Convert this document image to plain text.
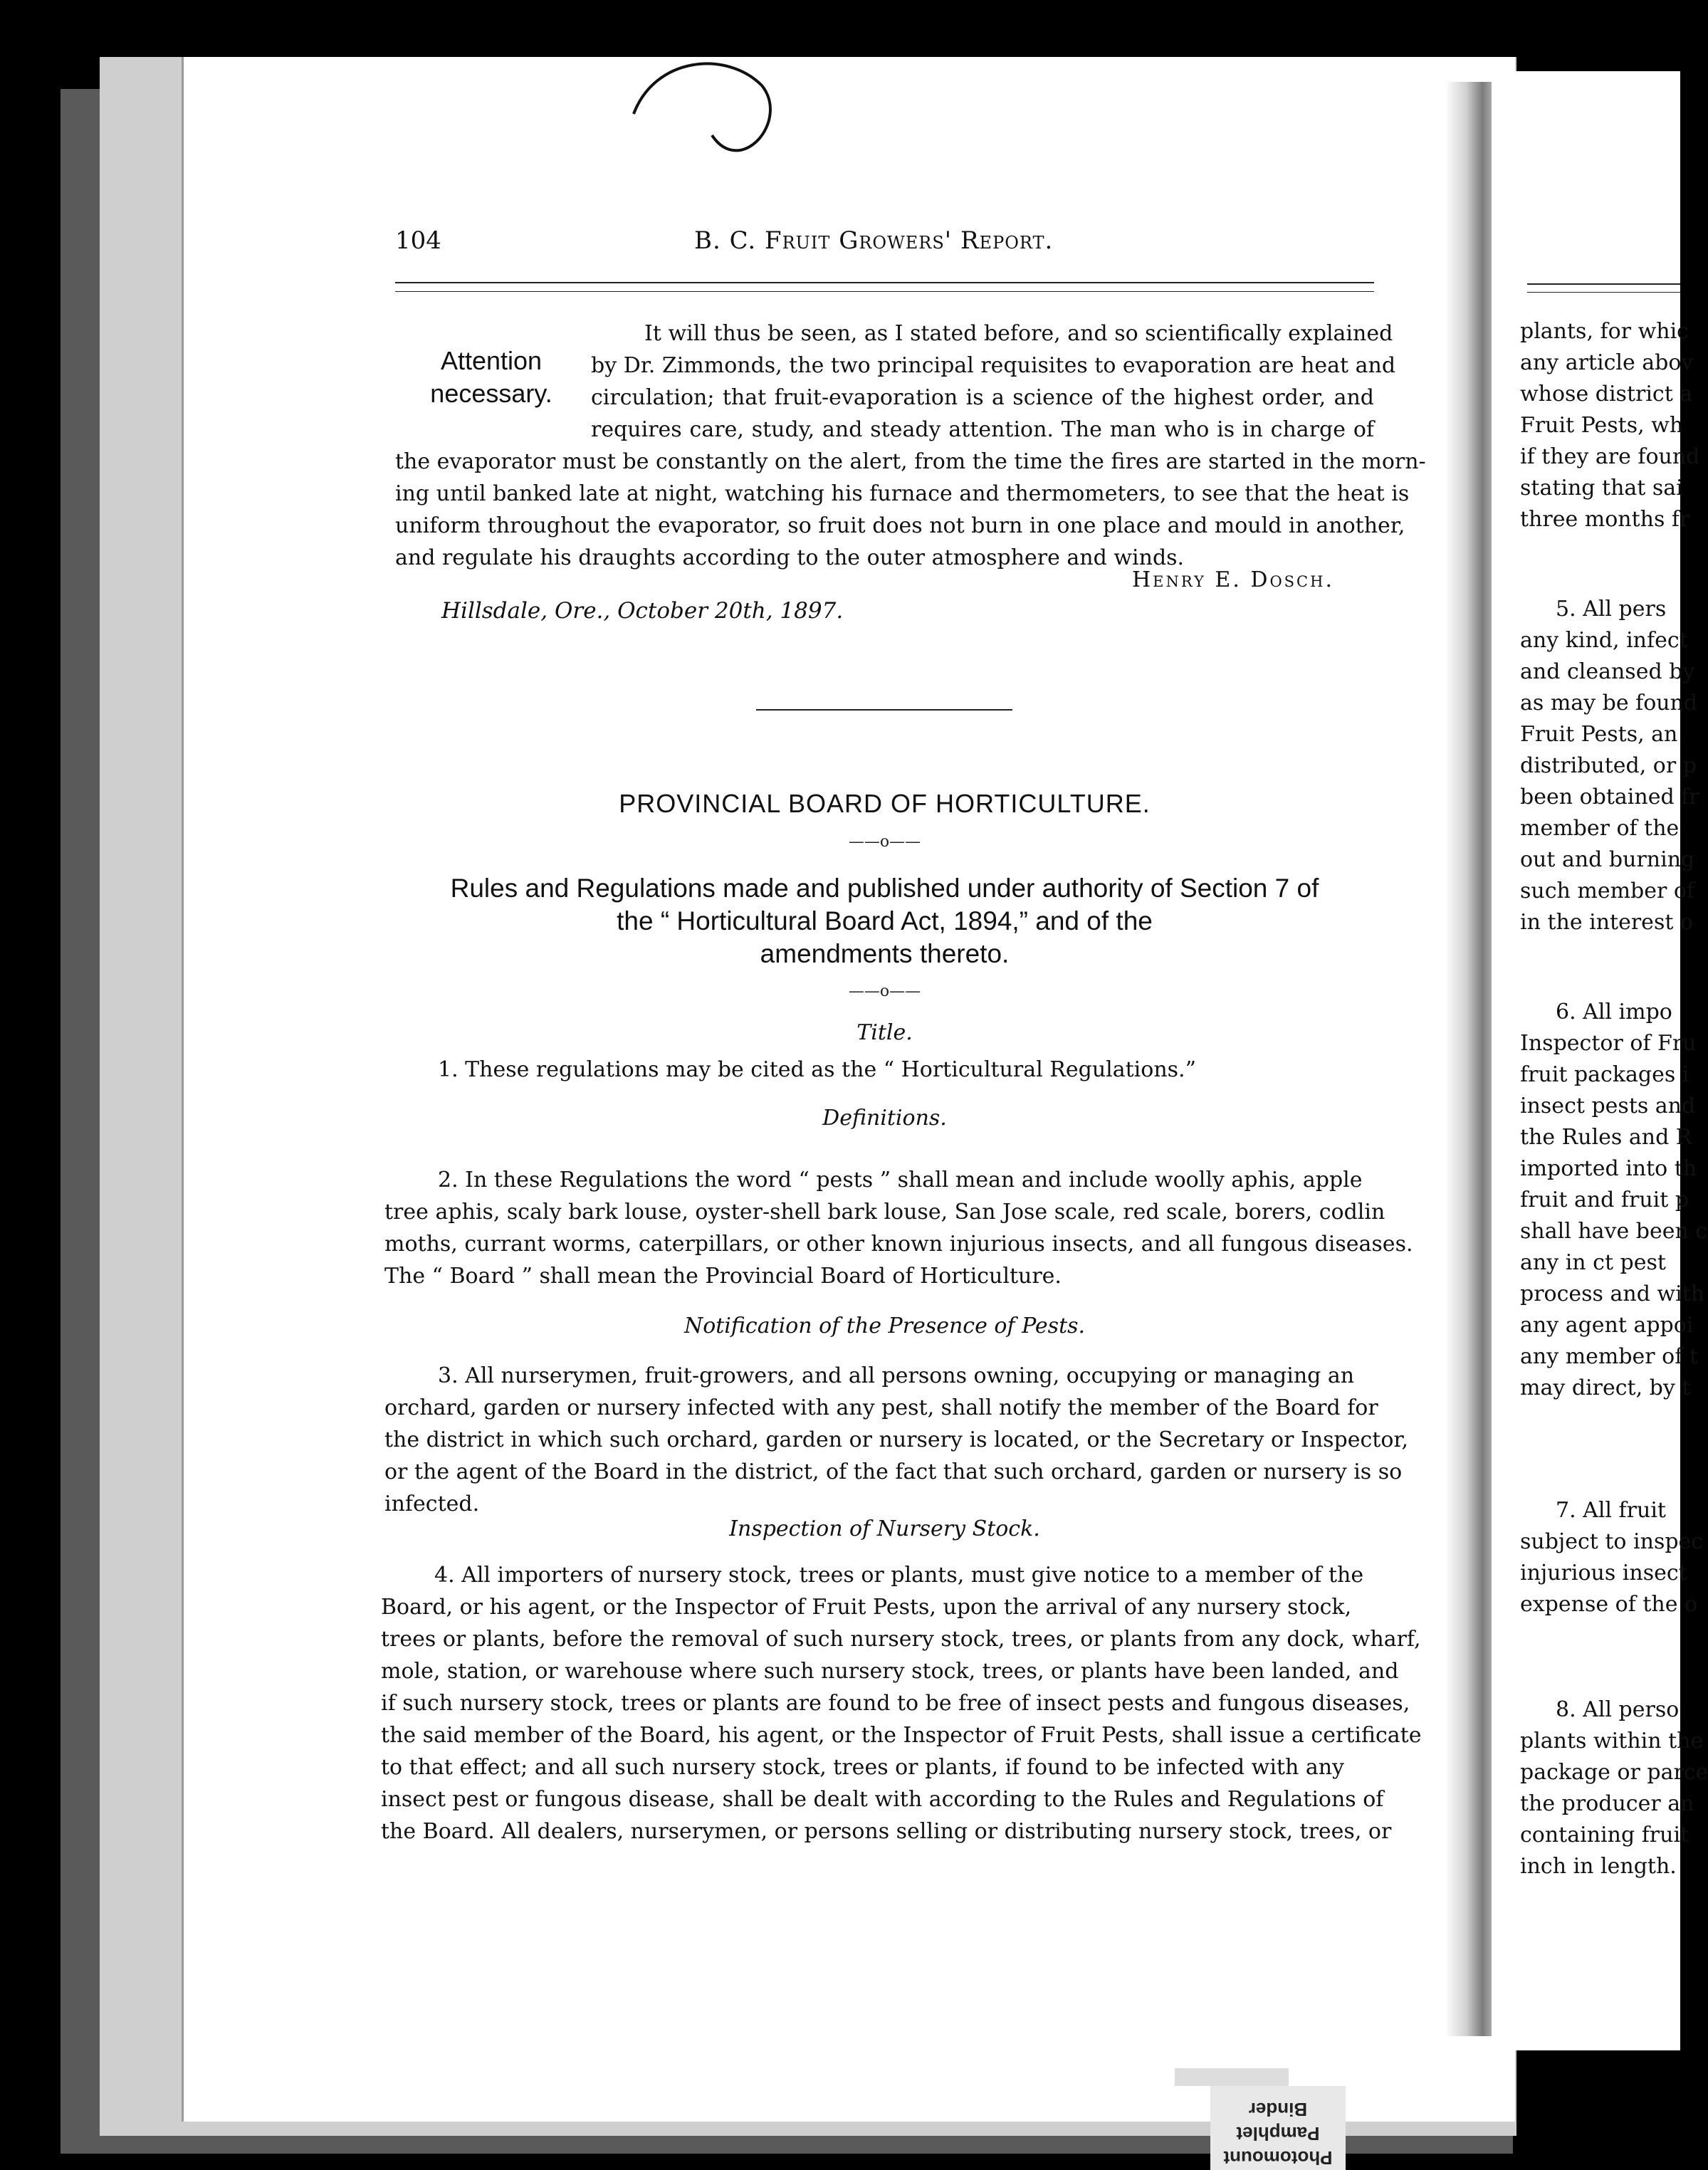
104	B. C. Fruit Growers' Report.
Attention
necessary.
It will thus be seen, as I stated before, and so scientifically explained
by Dr. Zimmonds, the two principal requisites to evaporation are heat and
circulation; that fruit-evaporation is a science of the highest order, and
requires care, study, and steady attention. The man who is in charge of
the evaporator must be constantly on the alert, from the time the fires are started in the morn-
ing until banked late at night, watching his furnace and thermometers, to see that the heat is
uniform throughout the evaporator, so fruit does not burn in one place and mould in another,
and regulate his draughts according to the outer atmosphere and winds.
Henry E. Dosch.
Hillsdale, Ore., October 20th, 1897.
PROVINCIAL BOARD OF HORTICULTURE.
——o——
Rules and Regulations made and published under authority of Section 7 of
the “ Horticultural Board Act, 1894,” and of the
amendments thereto.
——o——
Title.
1. These regulations may be cited as the “ Horticultural Regulations.”
Definitions.
2. In these Regulations the word “ pests ” shall mean and include woolly aphis, apple
tree aphis, scaly bark louse, oyster-shell bark louse, San Jose scale, red scale, borers, codlin
moths, currant worms, caterpillars, or other known injurious insects, and all fungous diseases.
The “ Board ” shall mean the Provincial Board of Horticulture.
Notification of the Presence of Pests.
3. All nurserymen, fruit-growers, and all persons owning, occupying or managing an
orchard, garden or nursery infected with any pest, shall notify the member of the Board for
the district in which such orchard, garden or nursery is located, or the Secretary or Inspector,
or the agent of the Board in the district, of the fact that such orchard, garden or nursery is so
infected.
Inspection of Nursery Stock.
4. All importers of nursery stock, trees or plants, must give notice to a member of the
Board, or his agent, or the Inspector of Fruit Pests, upon the arrival of any nursery stock,
trees or plants, before the removal of such nursery stock, trees, or plants from any dock, wharf,
mole, station, or warehouse where such nursery stock, trees, or plants have been landed, and
if such nursery stock, trees or plants are found to be free of insect pests and fungous diseases,
the said member of the Board, his agent, or the Inspector of Fruit Pests, shall issue a certificate
to that effect; and all such nursery stock, trees or plants, if found to be infected with any
insect pest or fungous disease, shall be dealt with according to the Rules and Regulations of
the Board. All dealers, nurserymen, or persons selling or distributing nursery stock, trees, or
plants, for whic
any article abov
whose district a
Fruit Pests, wh
if they are found
stating that sai
three months fr
5. All pers
any kind, infect
and cleansed by
as may be found
Fruit Pests, an
distributed, or p
been obtained fr
member of the
out and burning
such member of
in the interest o
6. All impo
Inspector of Fru
fruit packages i
insect pests and
the Rules and R
imported into th
fruit and fruit p
shall have been c
any in ct pest
process and with
any agent appoi
any member of t
may direct, by t
7. All fruit
subject to inspec
injurious insect
expense of the o
8. All perso
plants within the
package or parce
the producer an
containing fruit
inch in length.
Photomount
Pamphlet
Binder
